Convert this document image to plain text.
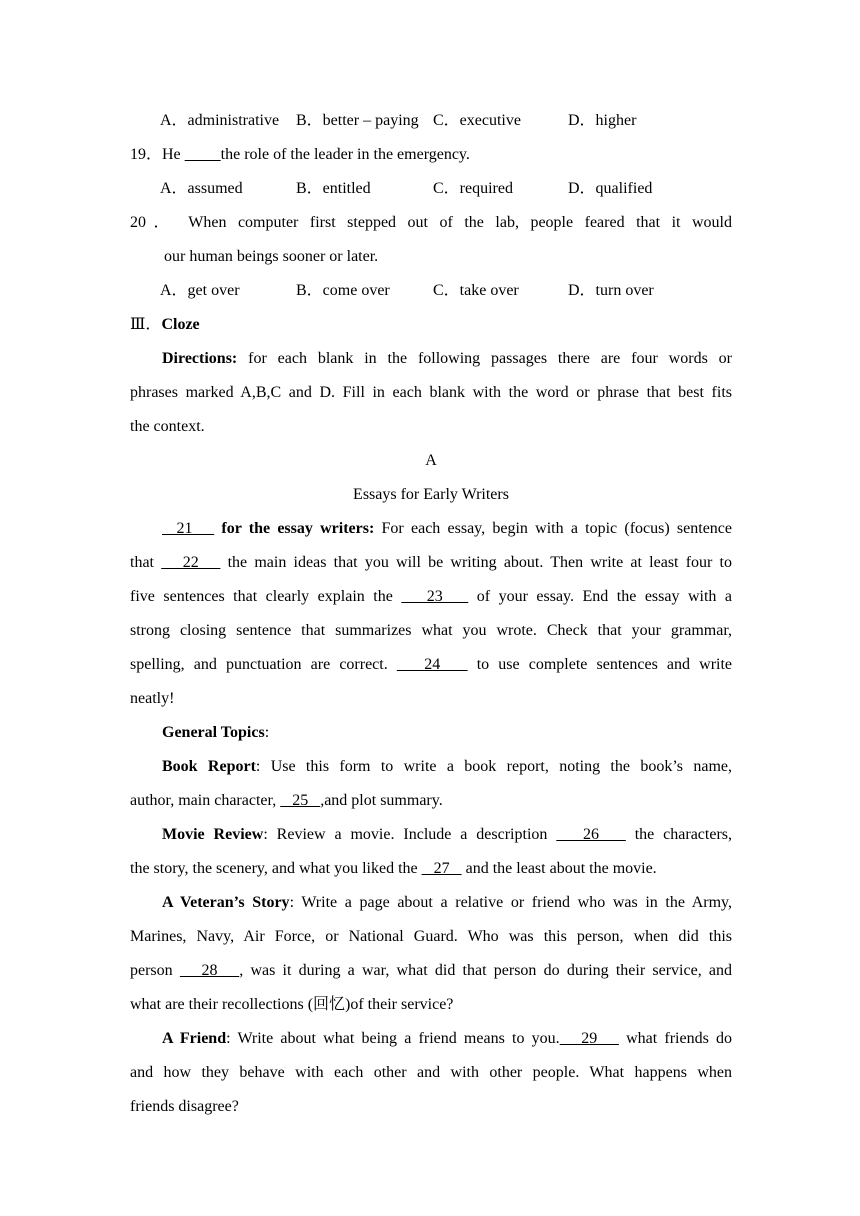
A．administrative B．better – paying C．executive	D．higher
19．He	the role of the leader in the emergency.
A．assumed	B．entitled	C．required	D．qualified
20． When computer first stepped out of the lab, people feared that it would
our human beings sooner or later.
A．get over	B．come over	C．take over	D．turn over
Ⅲ．Cloze
Directions: for each blank in the following passages there are four words or
phrases marked A,B,C and D. Fill in each blank with the word or phrase that best fits
the context.
A
Essays for Early Writers
21    for the essay writers: For each essay, begin with a topic (focus) sentence
that    22    the main ideas that you will be writing about. Then write at least four to
five sentences that clearly explain the    23    of your essay. End the essay with a
strong closing sentence that summarizes what you wrote. Check that your grammar,
spelling, and punctuation are correct.    24    to use complete sentences and write
neatly!
General Topics:
Book Report: Use this form to write a book report, noting the book’s name,
author, main character,    25   ,and plot summary.
Movie Review: Review a movie. Include a description    26    the characters,
the story, the scenery, and what you liked the    27    and the least about the movie.
A Veteran’s Story: Write a page about a relative or friend who was in the Army,
Marines, Navy, Air Force, or National Guard. Who was this person, when did this
person    28   , was it during a war, what did that person do during their service, and
what are their recollections (回忆)of their service?
A Friend: Write about what being a friend means to you.   29    what friends do
and how they behave with each other and with other people. What happens when
friends disagree?
